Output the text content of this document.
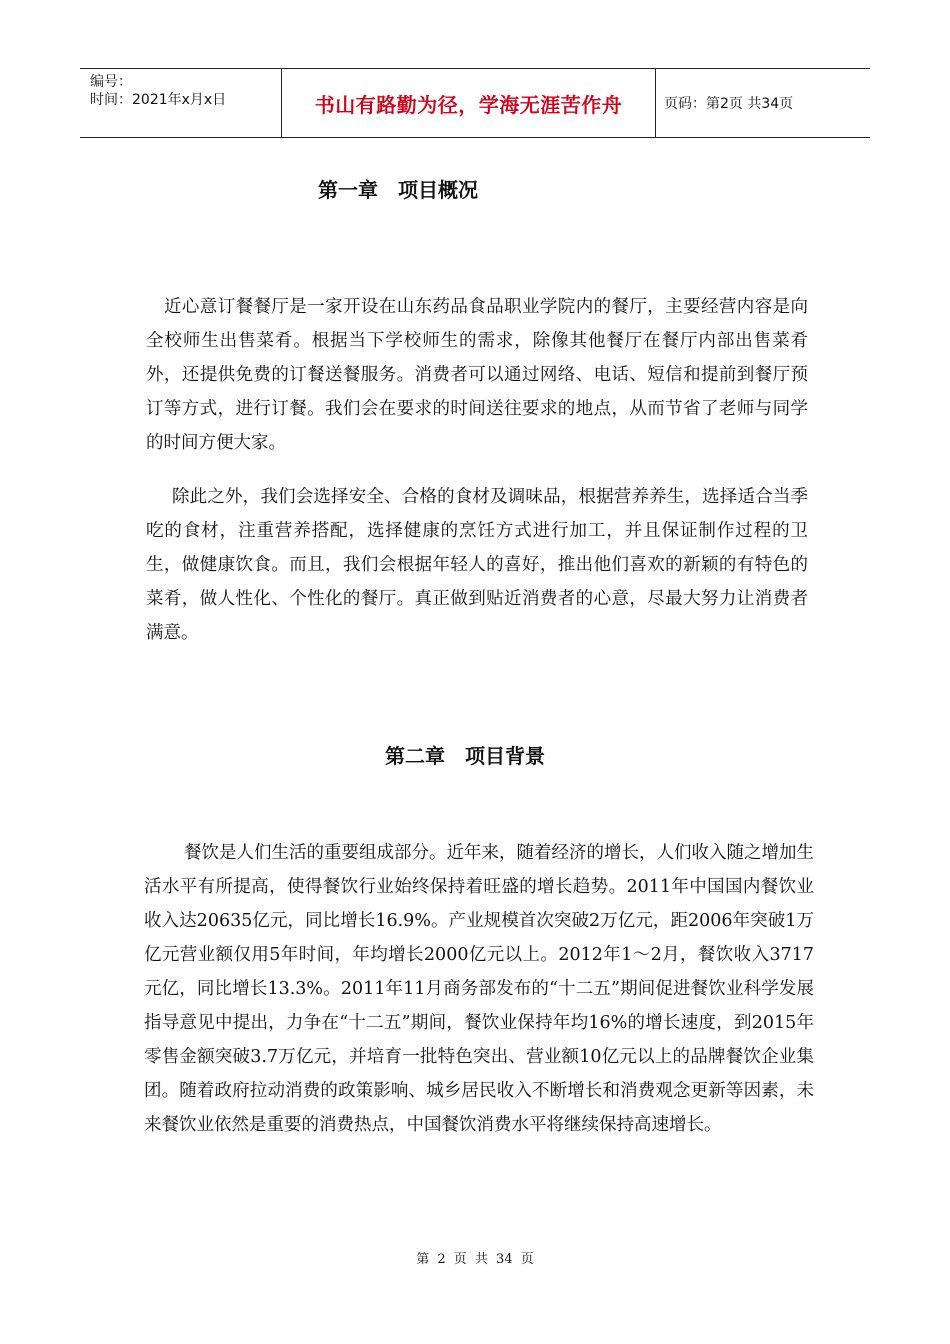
编号：
时间：2021年x月x日	书山有路勤为径，学海无涯苦作舟	页码：第2页 共34页
第一章　项目概况

近心意订餐餐厅是一家开设在山东药品食品职业学院内的餐厅，主要经营内容是向全校师生出售菜肴。根据当下学校师生的需求，除像其他餐厅在餐厅内部出售菜肴外，还提供免费的订餐送餐服务。消费者可以通过网络、电话、短信和提前到餐厅预订等方式，进行订餐。我们会在要求的时间送往要求的地点，从而节省了老师与同学的时间方便大家。

除此之外，我们会选择安全、合格的食材及调味品，根据营养养生，选择适合当季吃的食材，注重营养搭配，选择健康的烹饪方式进行加工，并且保证制作过程的卫生，做健康饮食。而且，我们会根据年轻人的喜好，推出他们喜欢的新颖的有特色的菜肴，做人性化、个性化的餐厅。真正做到贴近消费者的心意，尽最大努力让消费者满意。

第二章　项目背景

餐饮是人们生活的重要组成部分。近年来，随着经济的增长，人们收入随之增加生活水平有所提高，使得餐饮行业始终保持着旺盛的增长趋势。2011年中国国内餐饮业收入达20635亿元，同比增长16.9%。产业规模首次突破2万亿元，距2006年突破1万亿元营业额仅用5年时间，年均增长2000亿元以上。2012年1～2月，餐饮收入3717元亿，同比增长13.3%。2011年11月商务部发布的“十二五”期间促进餐饮业科学发展指导意见中提出，力争在“十二五”期间，餐饮业保持年均16%的增长速度，到2015年零售金额突破3.7万亿元，并培育一批特色突出、营业额10亿元以上的品牌餐饮企业集团。随着政府拉动消费的政策影响、城乡居民收入不断增长和消费观念更新等因素，未来餐饮业依然是重要的消费热点，中国餐饮消费水平将继续保持高速增长。

第 2 页 共 34 页
